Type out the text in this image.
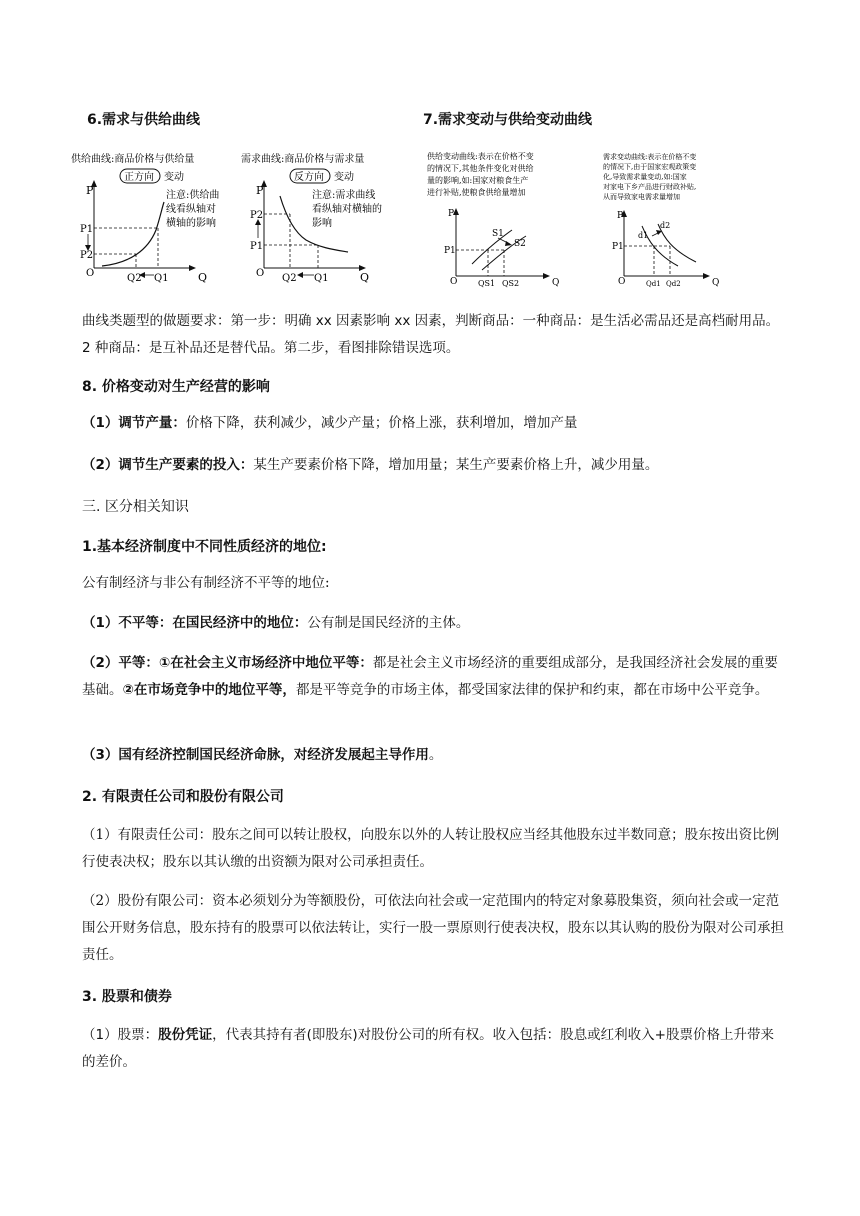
6.需求与供给曲线	7.需求变动与供给变动曲线
供给曲线:商品价格与供给量
正方向 变动
注意:供给曲
线看纵轴对
横轴的影响
P
P1
P2
O	Q2 Q1	Q
需求曲线:商品价格与需求量
反方向 变动
注意:需求曲线
看纵轴对横轴的
影响
P
P2
P1
O Q2 Q1	Q
供给变动曲线:表示在价格不变
的情况下,其他条件变化对供给
量的影响,如:国家对粮食生产
进行补贴,使粮食供给量增加
P
P1
S1
S2
O	QS1 QS2	Q
需求变动曲线:表示在价格不变
的情况下,由于国家宏观政策变
化,导致需求量变动,如:国家
对家电下乡产品进行财政补贴,
从而导致家电需求量增加
P
P1
d1
d2
O	Qd1 Qd2	Q
曲线类题型的做题要求：第一步：明确 xx 因素影响 xx 因素，判断商品：一种商品：是生活必需品还是高档耐用品。2 种商品：是互补品还是替代品。第二步，看图排除错误选项。
8. 价格变动对生产经营的影响
（1）调节产量：价格下降，获利减少，减少产量；价格上涨，获利增加，增加产量
（2）调节生产要素的投入：某生产要素价格下降，增加用量；某生产要素价格上升，减少用量。
三. 区分相关知识
1.基本经济制度中不同性质经济的地位:
公有制经济与非公有制经济不平等的地位:
（1）不平等：在国民经济中的地位：公有制是国民经济的主体。
（2）平等：①在社会主义市场经济中地位平等：都是社会主义市场经济的重要组成部分，是我国经济社会发展的重要基础。②在市场竞争中的地位平等，都是平等竞争的市场主体，都受国家法律的保护和约束，都在市场中公平竞争。
（3）国有经济控制国民经济命脉，对经济发展起主导作用。
2. 有限责任公司和股份有限公司
（1）有限责任公司：股东之间可以转让股权，向股东以外的人转让股权应当经其他股东过半数同意；股东按出资比例行使表决权；股东以其认缴的出资额为限对公司承担责任。
（2）股份有限公司：资本必须划分为等额股份，可依法向社会或一定范围内的特定对象募股集资，须向社会或一定范围公开财务信息，股东持有的股票可以依法转让，实行一股一票原则行使表决权，股东以其认购的股份为限对公司承担责任。
3. 股票和债券
（1）股票：股份凭证，代表其持有者(即股东)对股份公司的所有权。收入包括：股息或红利收入+股票价格上升带来的差价。
